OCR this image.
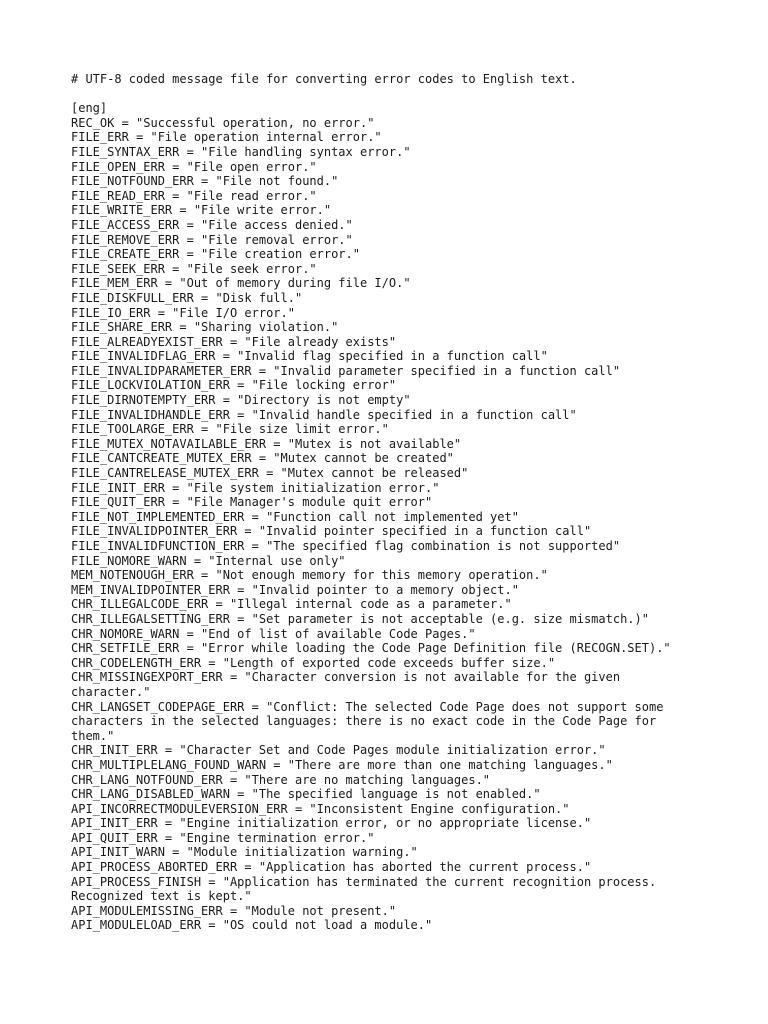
# UTF-8 coded message file for converting error codes to English text.
[eng]
REC_OK = "Successful operation, no error."
FILE_ERR = "File operation internal error."
FILE_SYNTAX_ERR = "File handling syntax error."
FILE_OPEN_ERR = "File open error."
FILE_NOTFOUND_ERR = "File not found."
FILE_READ_ERR = "File read error."
FILE_WRITE_ERR = "File write error."
FILE_ACCESS_ERR = "File access denied."
FILE_REMOVE_ERR = "File removal error."
FILE_CREATE_ERR = "File creation error."
FILE_SEEK_ERR = "File seek error."
FILE_MEM_ERR = "Out of memory during file I/O."
FILE_DISKFULL_ERR = "Disk full."
FILE_IO_ERR = "File I/O error."
FILE_SHARE_ERR = "Sharing violation."
FILE_ALREADYEXIST_ERR = "File already exists"
FILE_INVALIDFLAG_ERR = "Invalid flag specified in a function call"
FILE_INVALIDPARAMETER_ERR = "Invalid parameter specified in a function call"
FILE_LOCKVIOLATION_ERR = "File locking error"
FILE_DIRNOTEMPTY_ERR = "Directory is not empty"
FILE_INVALIDHANDLE_ERR = "Invalid handle specified in a function call"
FILE_TOOLARGE_ERR = "File size limit error."
FILE_MUTEX_NOTAVAILABLE_ERR = "Mutex is not available"
FILE_CANTCREATE_MUTEX_ERR = "Mutex cannot be created"
FILE_CANTRELEASE_MUTEX_ERR = "Mutex cannot be released"
FILE_INIT_ERR = "File system initialization error."
FILE_QUIT_ERR = "File Manager's module quit error"
FILE_NOT_IMPLEMENTED_ERR = "Function call not implemented yet"
FILE_INVALIDPOINTER_ERR = "Invalid pointer specified in a function call"
FILE_INVALIDFUNCTION_ERR = "The specified flag combination is not supported"
FILE_NOMORE_WARN = "Internal use only"
MEM_NOTENOUGH_ERR = "Not enough memory for this memory operation."
MEM_INVALIDPOINTER_ERR = "Invalid pointer to a memory object."
CHR_ILLEGALCODE_ERR = "Illegal internal code as a parameter."
CHR_ILLEGALSETTING_ERR = "Set parameter is not acceptable (e.g. size mismatch.)"
CHR_NOMORE_WARN = "End of list of available Code Pages."
CHR_SETFILE_ERR = "Error while loading the Code Page Definition file (RECOGN.SET)."
CHR_CODELENGTH_ERR = "Length of exported code exceeds buffer size."
CHR_MISSINGEXPORT_ERR = "Character conversion is not available for the given
character."
CHR_LANGSET_CODEPAGE_ERR = "Conflict: The selected Code Page does not support some
characters in the selected languages: there is no exact code in the Code Page for
them."
CHR_INIT_ERR = "Character Set and Code Pages module initialization error."
CHR_MULTIPLELANG_FOUND_WARN = "There are more than one matching languages."
CHR_LANG_NOTFOUND_ERR = "There are no matching languages."
CHR_LANG_DISABLED_WARN = "The specified language is not enabled."
API_INCORRECTMODULEVERSION_ERR = "Inconsistent Engine configuration."
API_INIT_ERR = "Engine initialization error, or no appropriate license."
API_QUIT_ERR = "Engine termination error."
API_INIT_WARN = "Module initialization warning."
API_PROCESS_ABORTED_ERR = "Application has aborted the current process."
API_PROCESS_FINISH = "Application has terminated the current recognition process.
Recognized text is kept."
API_MODULEMISSING_ERR = "Module not present."
API_MODULELOAD_ERR = "OS could not load a module."
